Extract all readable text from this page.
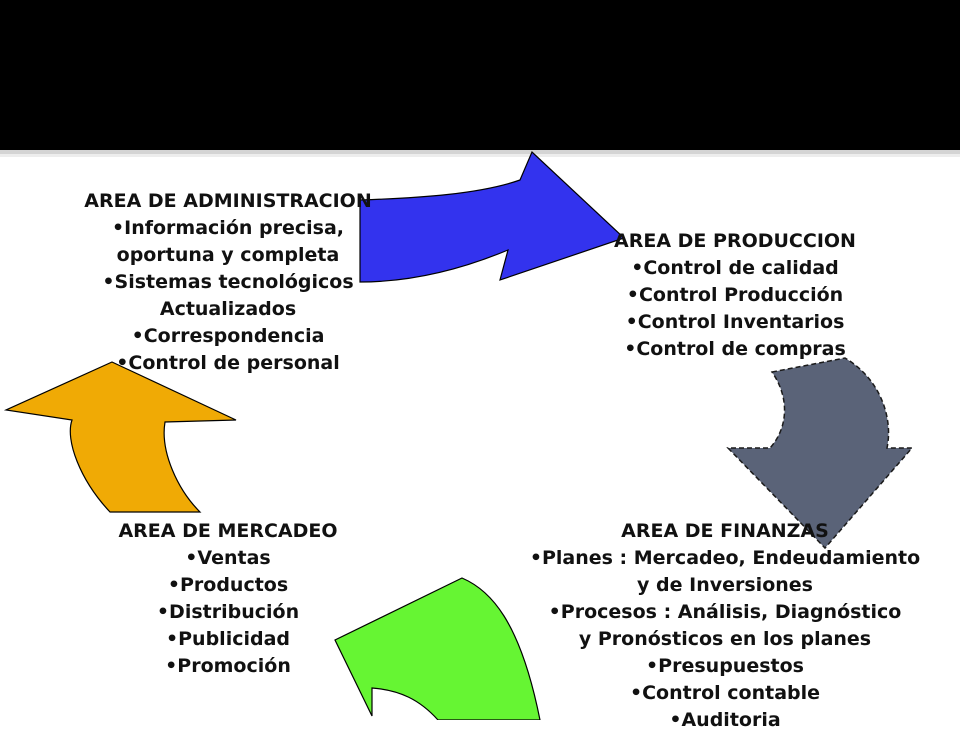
AREA DE ADMINISTRACION
•Información precisa,
oportuna y completa
•Sistemas tecnológicos
Actualizados
•Correspondencia
•Control de personal
AREA DE PRODUCCION
•Control de calidad
•Control Producción
•Control Inventarios
•Control de compras
AREA DE MERCADEO
•Ventas
•Productos
•Distribución
•Publicidad
•Promoción
AREA DE FINANZAS
•Planes : Mercadeo, Endeudamiento
y de Inversiones
•Procesos : Análisis, Diagnóstico
y Pronósticos en los planes
•Presupuestos
•Control contable
•Auditoria
